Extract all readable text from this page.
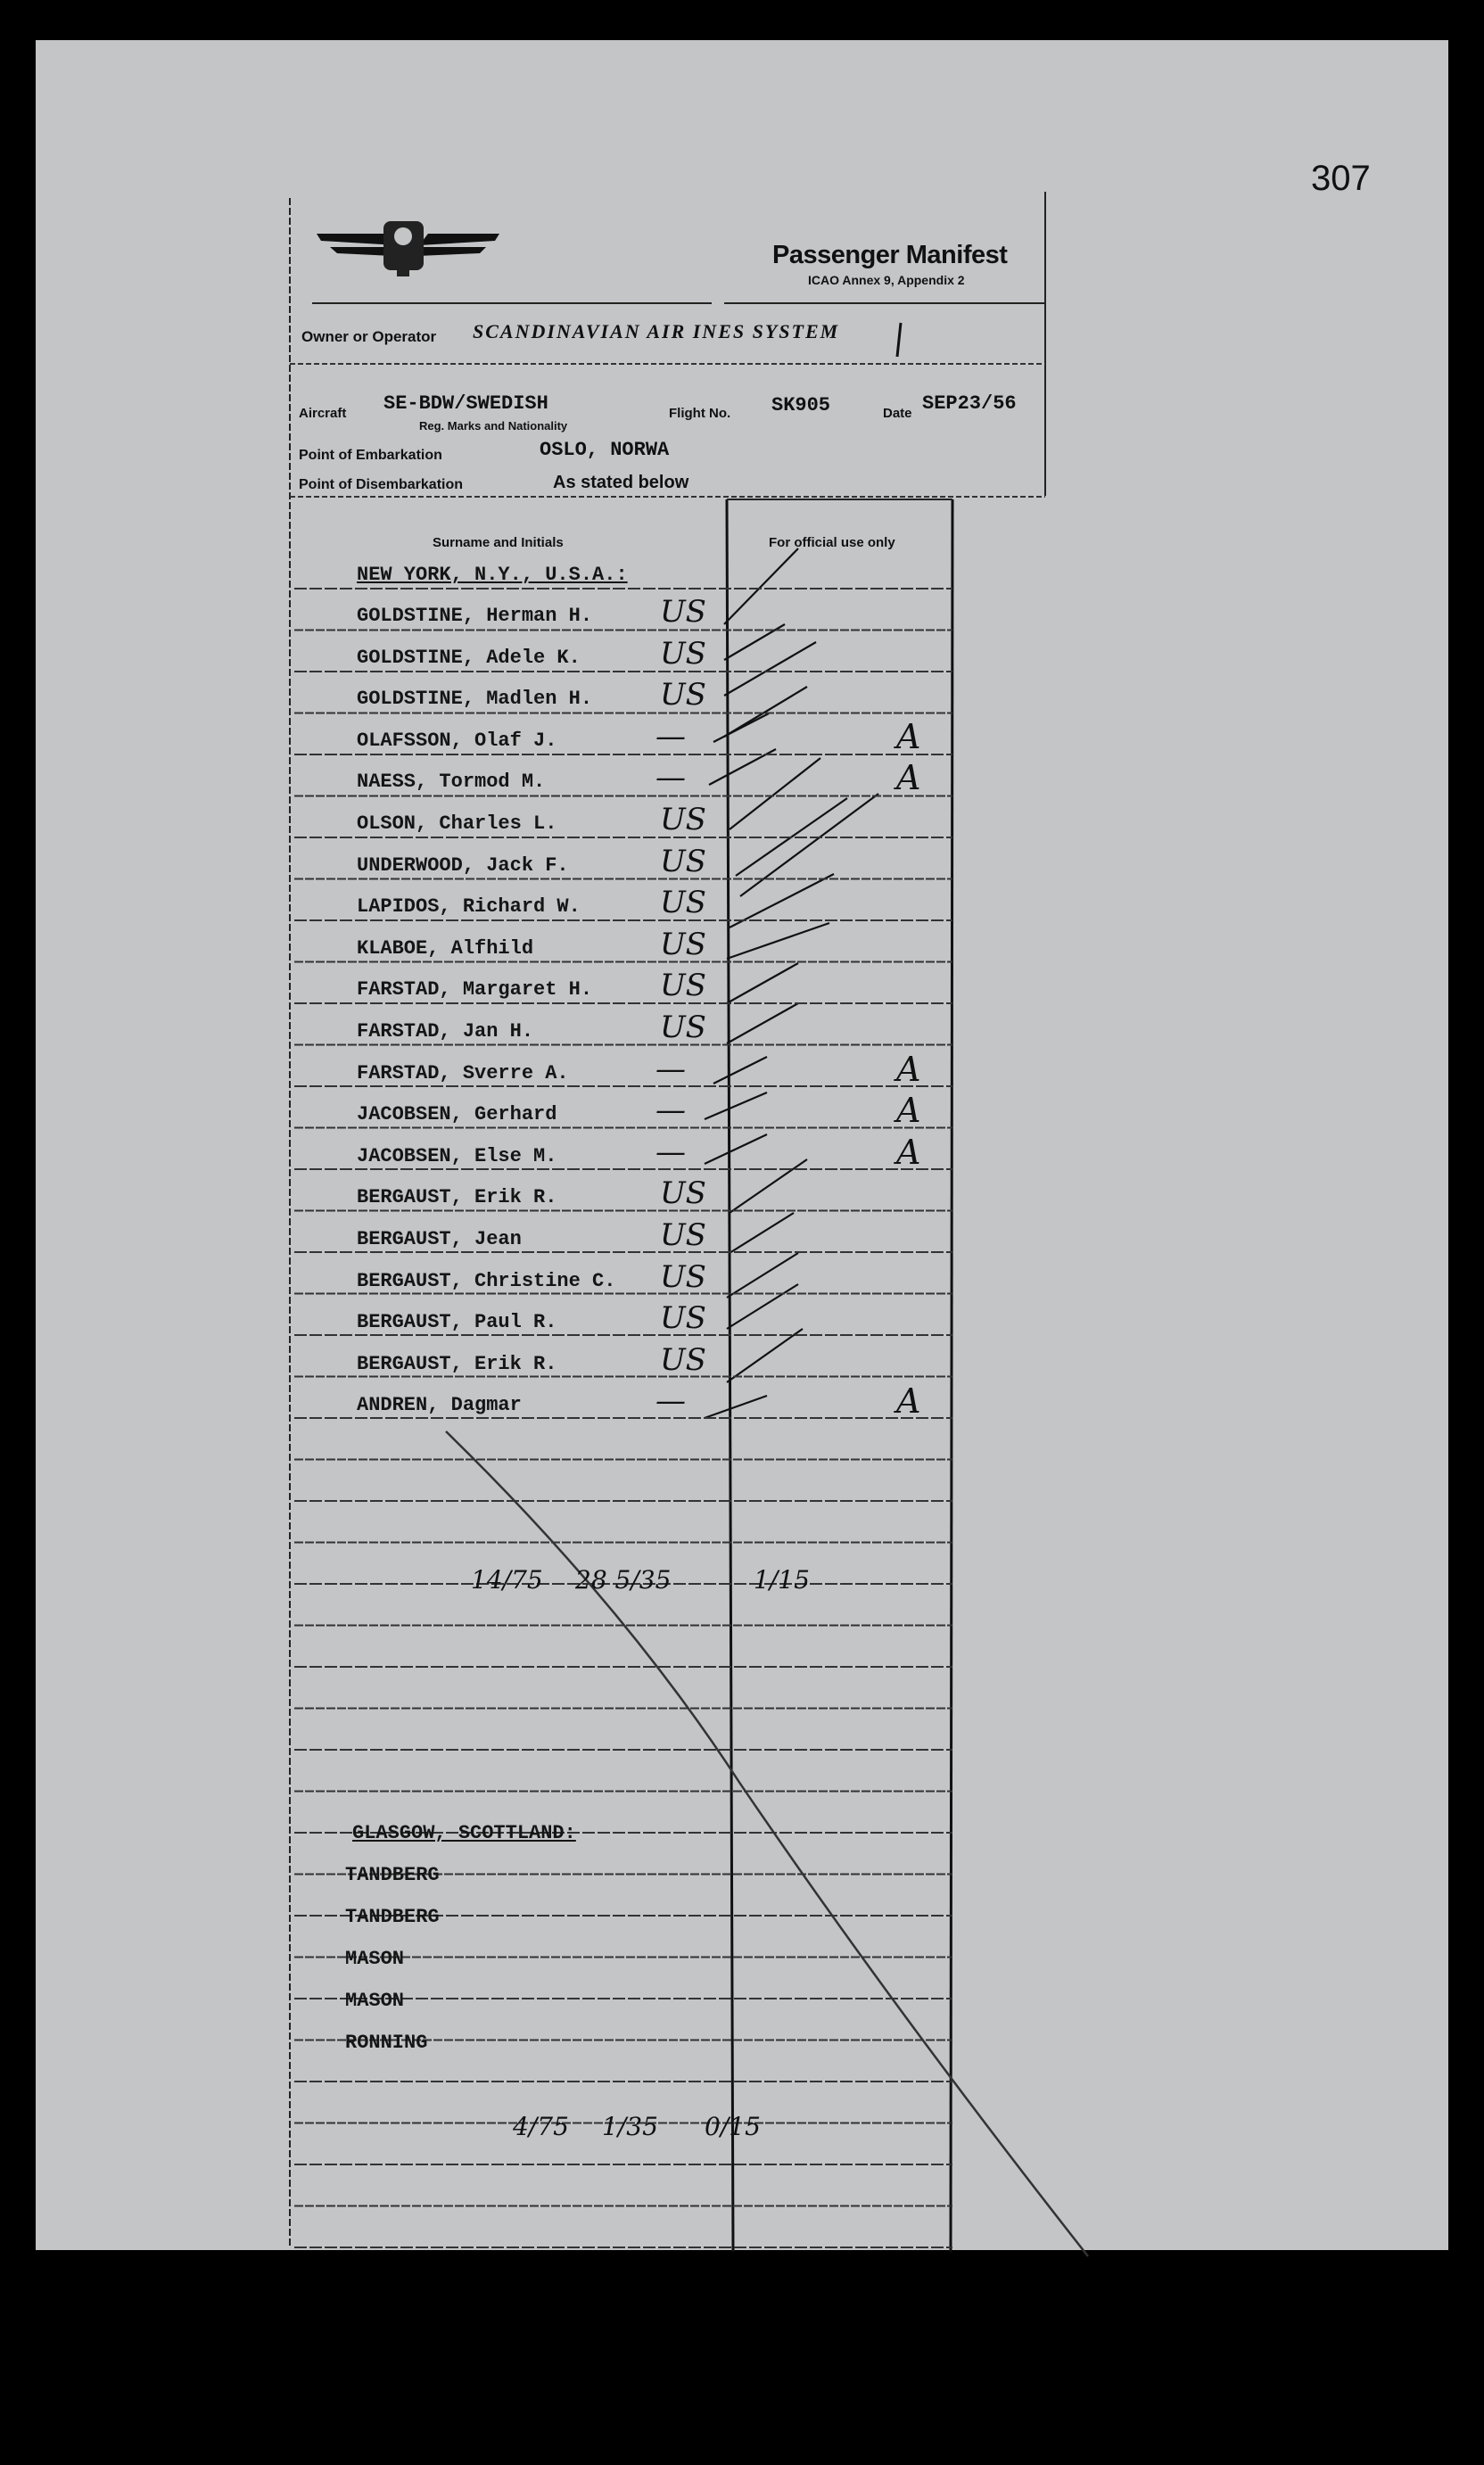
307
Passenger Manifest
ICAO Annex 9, Appendix 2
Owner or Operator SCANDINAVIAN AIR INES SYSTEM
Aircraft SE-BDW/SWEDISH
Reg. Marks and Nationality
Flight No. SK905	Date SEP23/56
Point of Embarkation	OSLO, NORWA
Point of Disembarkation	As stated below
Surname and Initials	For official use only
NEW YORK, N.Y., U.S.A.:
GOLDSTINE, Herman H. US
GOLDSTINE, Adele K.	US
GOLDSTINE, Madlen H. US
OLAFSSON, Olaf J.	—	A
NAESS, Tormod M.	—	A
OLSON, Charles L.	US
UNDERWOOD, Jack F.	US
LAPIDOS, Richard W.	US
KLABOE, Alfhild	US
FARSTAD, Margaret H. US
FARSTAD, Jan H.	US
FARSTAD, Sverre A.	—	A
JACOBSEN, Gerhard	—	A
JACOBSEN, Else M.	—	A
BERGAUST, Erik R.	US
BERGAUST, Jean	US
BERGAUST, Christine C. US
BERGAUST, Paul R.	US
BERGAUST, Erik R.	US
ANDREN, Dagmar	—	A
14/75 28 5/35	1/15
GLASGOW, SCOTTLAND:
TANDBERG
TANDBERG
MASON
MASON
RONNING
4/75 1/35 0/15
